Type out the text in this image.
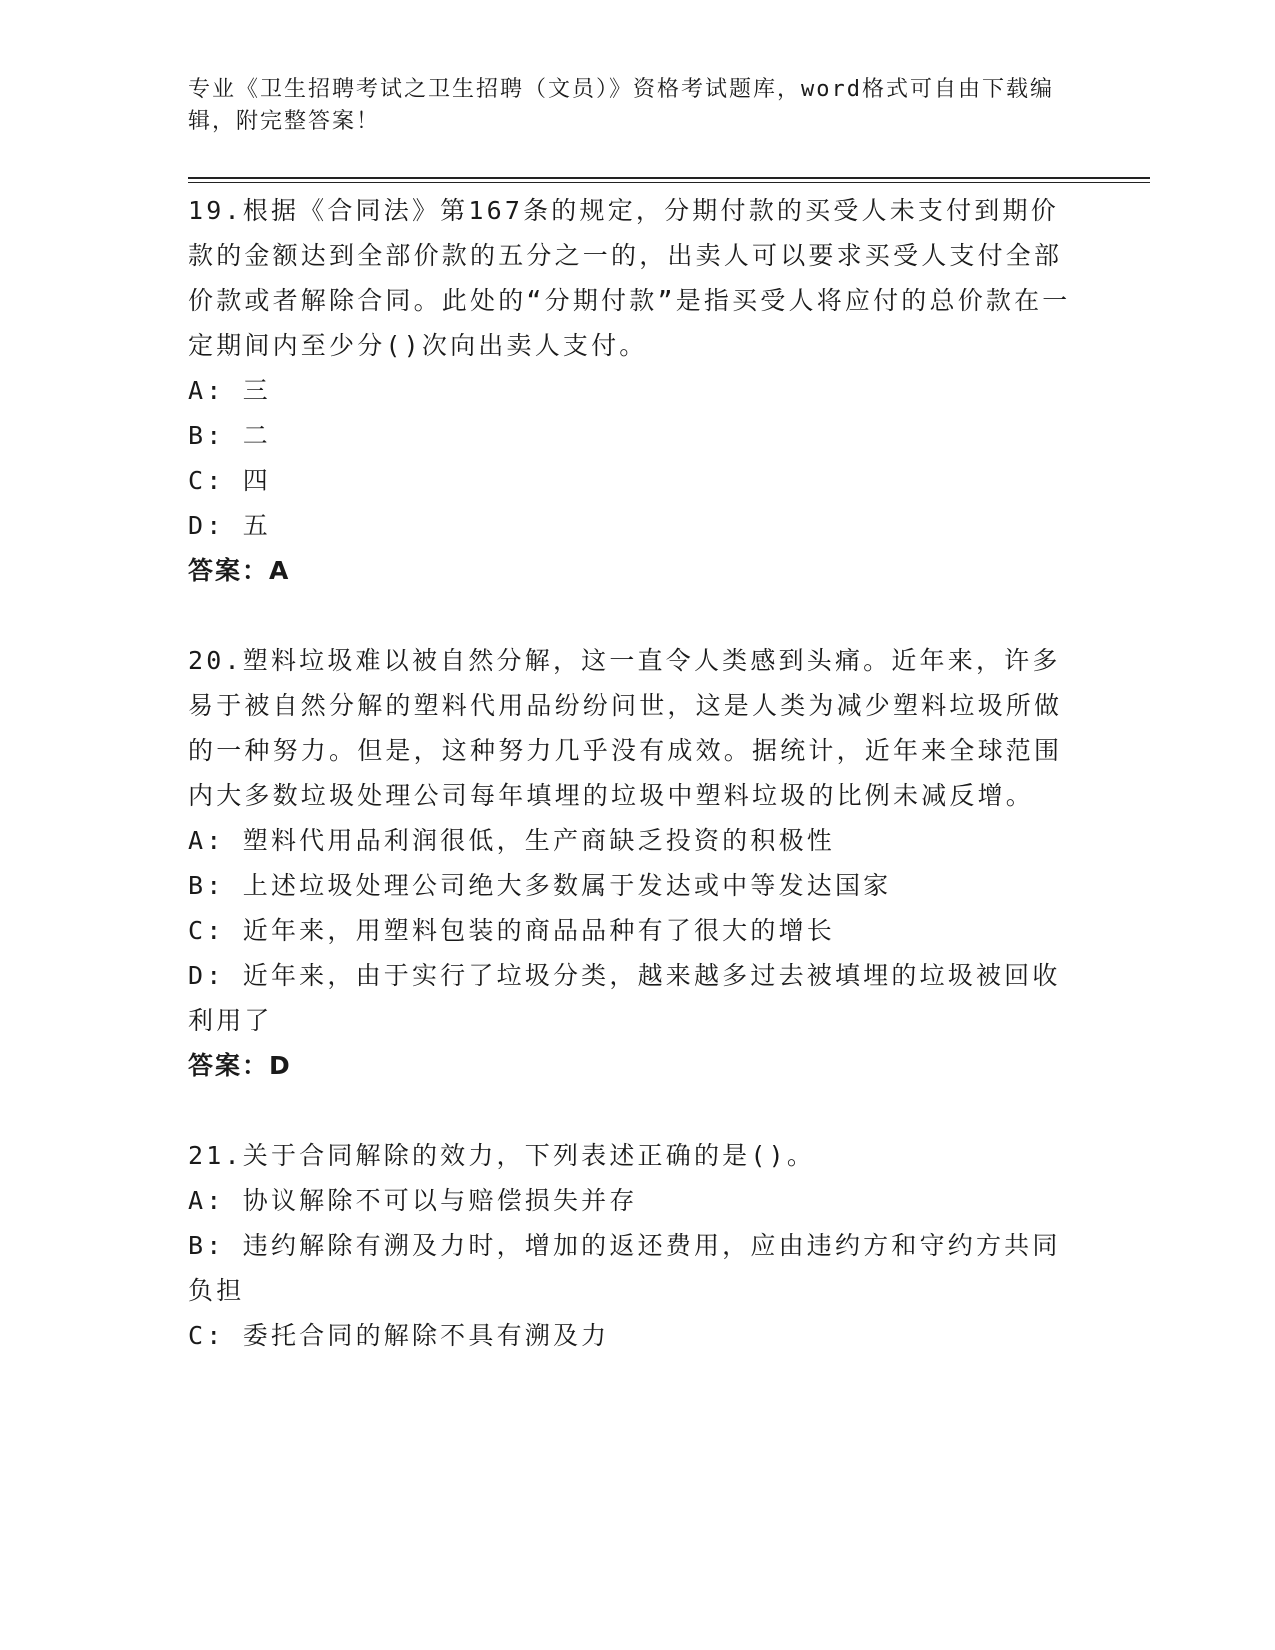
专业《卫生招聘考试之卫生招聘（文员）》资格考试题库，word格式可自由下载编辑，附完整答案！

19.根据《合同法》第167条的规定，分期付款的买受人未支付到期价款的金额达到全部价款的五分之一的，出卖人可以要求买受人支付全部价款或者解除合同。此处的“分期付款”是指买受人将应付的总价款在一定期间内至少分()次向出卖人支付。

A: 三

B: 二

C: 四

D: 五

答案：A

20.塑料垃圾难以被自然分解，这一直令人类感到头痛。近年来，许多易于被自然分解的塑料代用品纷纷问世，这是人类为减少塑料垃圾所做的一种努力。但是，这种努力几乎没有成效。据统计，近年来全球范围内大多数垃圾处理公司每年填埋的垃圾中塑料垃圾的比例未减反增。

A: 塑料代用品利润很低，生产商缺乏投资的积极性

B: 上述垃圾处理公司绝大多数属于发达或中等发达国家

C: 近年来，用塑料包装的商品品种有了很大的增长

D: 近年来，由于实行了垃圾分类，越来越多过去被填埋的垃圾被回收利用了

答案：D

21.关于合同解除的效力，下列表述正确的是()。

A: 协议解除不可以与赔偿损失并存

B: 违约解除有溯及力时，增加的返还费用，应由违约方和守约方共同负担

C: 委托合同的解除不具有溯及力
